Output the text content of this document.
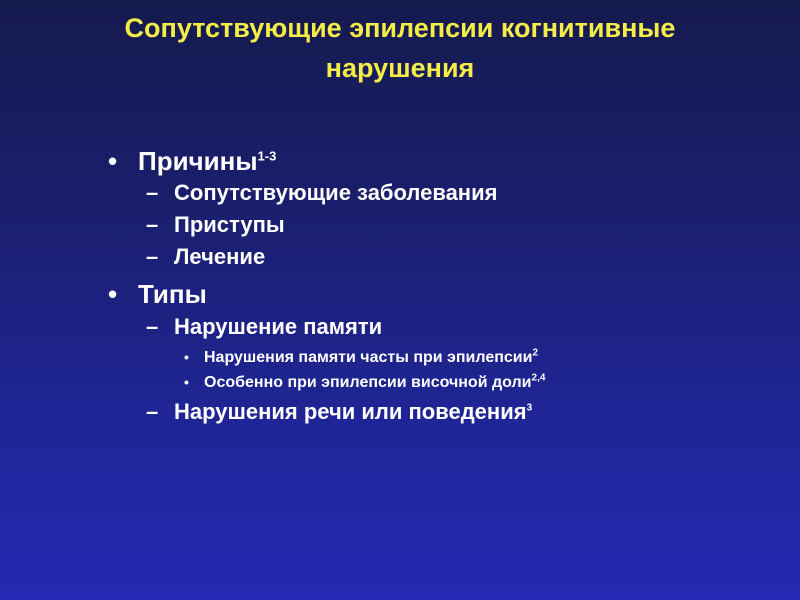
Сопутствующие эпилепсии когнитивные
нарушения
• Причины$^{1-3}$
– Сопутствующие заболевания
– Приступы
– Лечение
• Типы
– Нарушение памяти
• Нарушения памяти часты при эпилепсии$^2$
• Особенно при эпилепсии височной доли$^{2,4}$
– Нарушения речи или поведения$^3$
